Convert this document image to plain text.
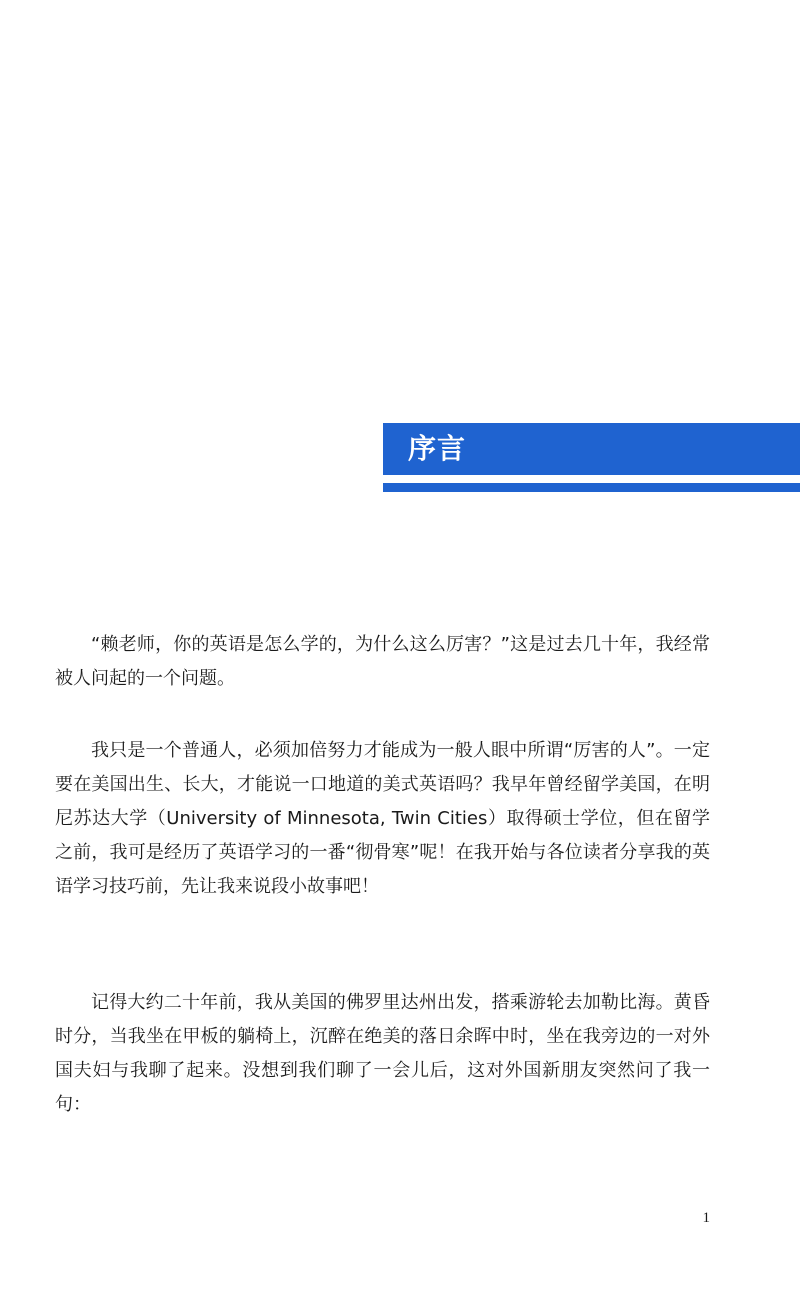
序言

“赖老师，你的英语是怎么学的，为什么这么厉害？”这是过去几十年，我经常被人问起的一个问题。

我只是一个普通人，必须加倍努力才能成为一般人眼中所谓“厉害的人”。一定要在美国出生、长大，才能说一口地道的美式英语吗？我早年曾经留学美国，在明尼苏达大学（University of Minnesota, Twin Cities）取得硕士学位，但在留学之前，我可是经历了英语学习的一番“彻骨寒”呢！在我开始与各位读者分享我的英语学习技巧前，先让我来说段小故事吧！

记得大约二十年前，我从美国的佛罗里达州出发，搭乘游轮去加勒比海。黄昏时分，当我坐在甲板的躺椅上，沉醉在绝美的落日余晖中时，坐在我旁边的一对外国夫妇与我聊了起来。没想到我们聊了一会儿后，这对外国新朋友突然问了我一句：

1
